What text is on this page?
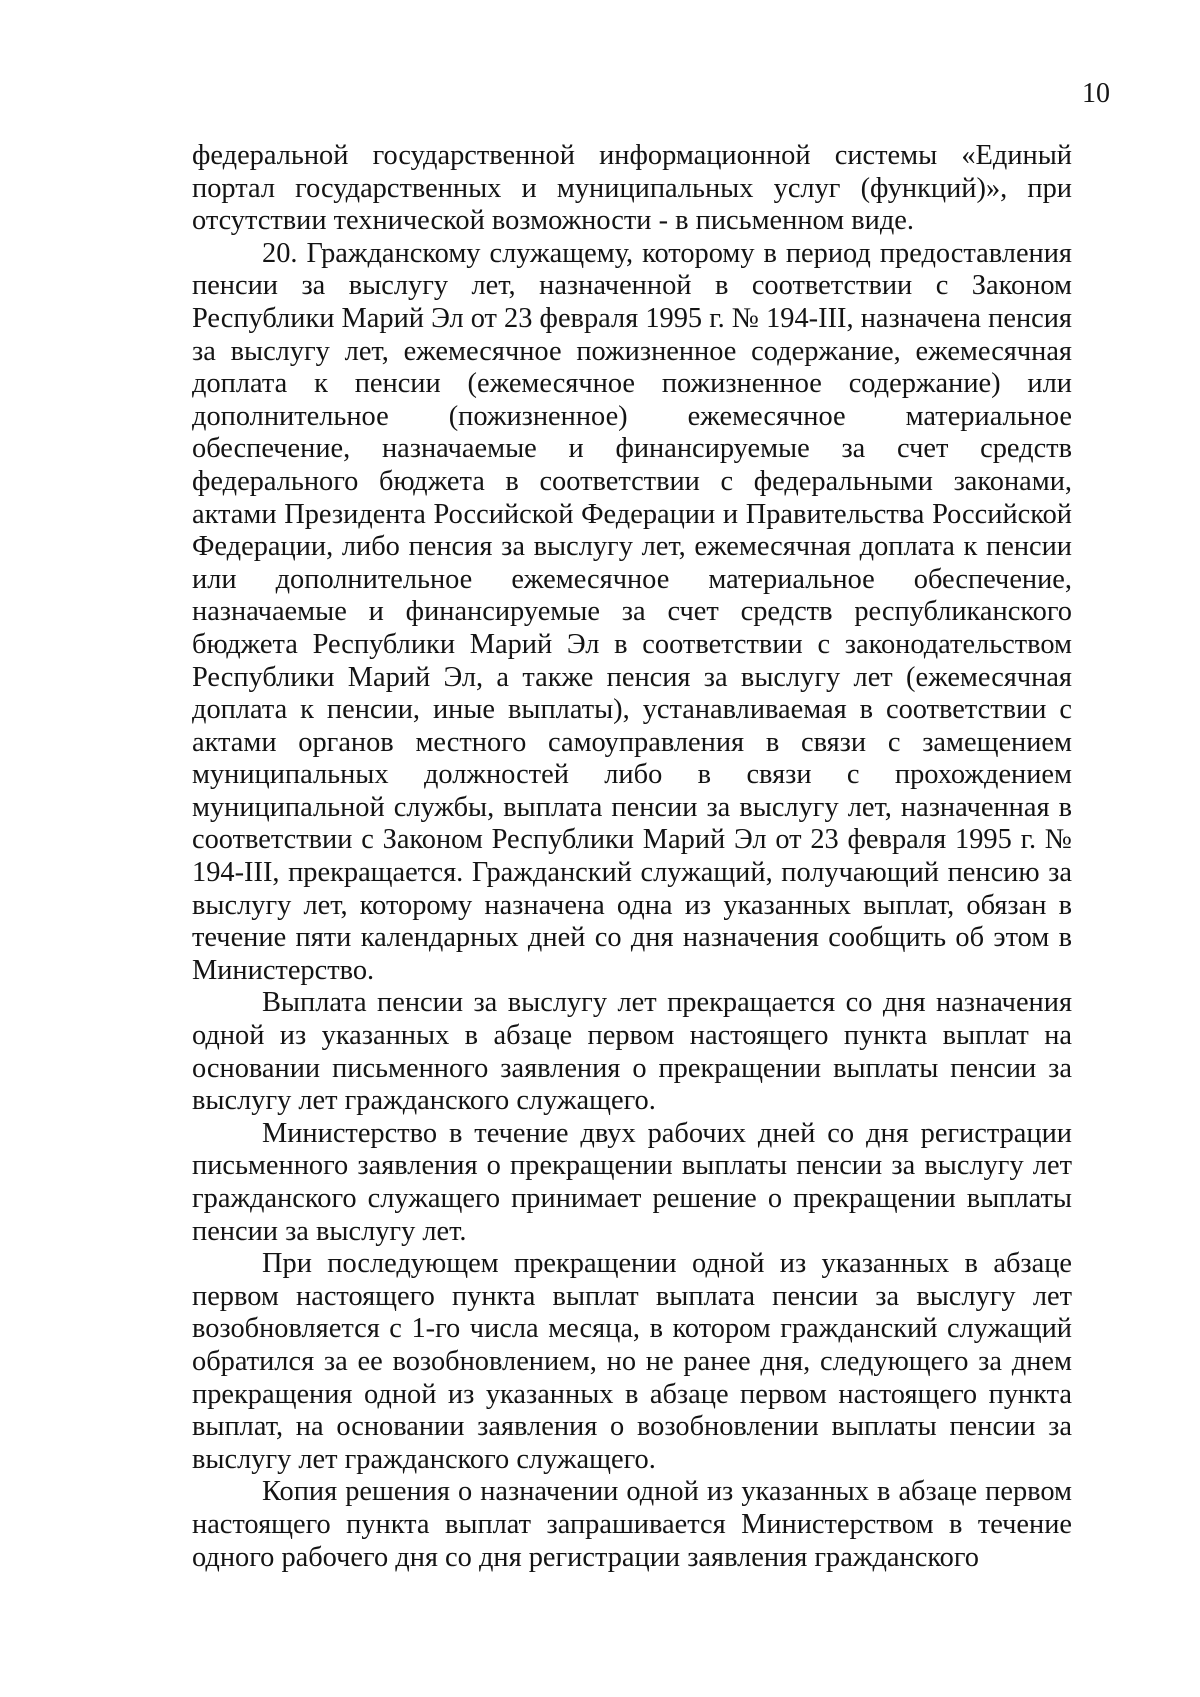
10

федеральной государственной информационной системы «Единый портал государственных и муниципальных услуг (функций)», при отсутствии технической возможности - в письменном виде.

20. Гражданскому служащему, которому в период предоставления пенсии за выслугу лет, назначенной в соответствии с Законом Республики Марий Эл от 23 февраля 1995 г. № 194-III, назначена пенсия за выслугу лет, ежемесячное пожизненное содержание, ежемесячная доплата к пенсии (ежемесячное пожизненное содержание) или дополнительное (пожизненное) ежемесячное материальное обеспечение, назначаемые и финансируемые за счет средств федерального бюджета в соответствии с федеральными законами, актами Президента Российской Федерации и Правительства Российской Федерации, либо пенсия за выслугу лет, ежемесячная доплата к пенсии или дополнительное ежемесячное материальное обеспечение, назначаемые и финансируемые за счет средств республиканского бюджета Республики Марий Эл в соответствии с законодательством Республики Марий Эл, а также пенсия за выслугу лет (ежемесячная доплата к пенсии, иные выплаты), устанавливаемая в соответствии с актами органов местного самоуправления в связи с замещением муниципальных должностей либо в связи с прохождением муниципальной службы, выплата пенсии за выслугу лет, назначенная в соответствии с Законом Республики Марий Эл от 23 февраля 1995 г. № 194-III, прекращается. Гражданский служащий, получающий пенсию за выслугу лет, которому назначена одна из указанных выплат, обязан в течение пяти календарных дней со дня назначения сообщить об этом в Министерство.

Выплата пенсии за выслугу лет прекращается со дня назначения одной из указанных в абзаце первом настоящего пункта выплат на основании письменного заявления о прекращении выплаты пенсии за выслугу лет гражданского служащего.

Министерство в течение двух рабочих дней со дня регистрации письменного заявления о прекращении выплаты пенсии за выслугу лет гражданского служащего принимает решение о прекращении выплаты пенсии за выслугу лет.

При последующем прекращении одной из указанных в абзаце первом настоящего пункта выплат выплата пенсии за выслугу лет возобновляется с 1-го числа месяца, в котором гражданский служащий обратился за ее возобновлением, но не ранее дня, следующего за днем прекращения одной из указанных в абзаце первом настоящего пункта выплат, на основании заявления о возобновлении выплаты пенсии за выслугу лет гражданского служащего.

Копия решения о назначении одной из указанных в абзаце первом настоящего пункта выплат запрашивается Министерством в течение одного рабочего дня со дня регистрации заявления гражданского
